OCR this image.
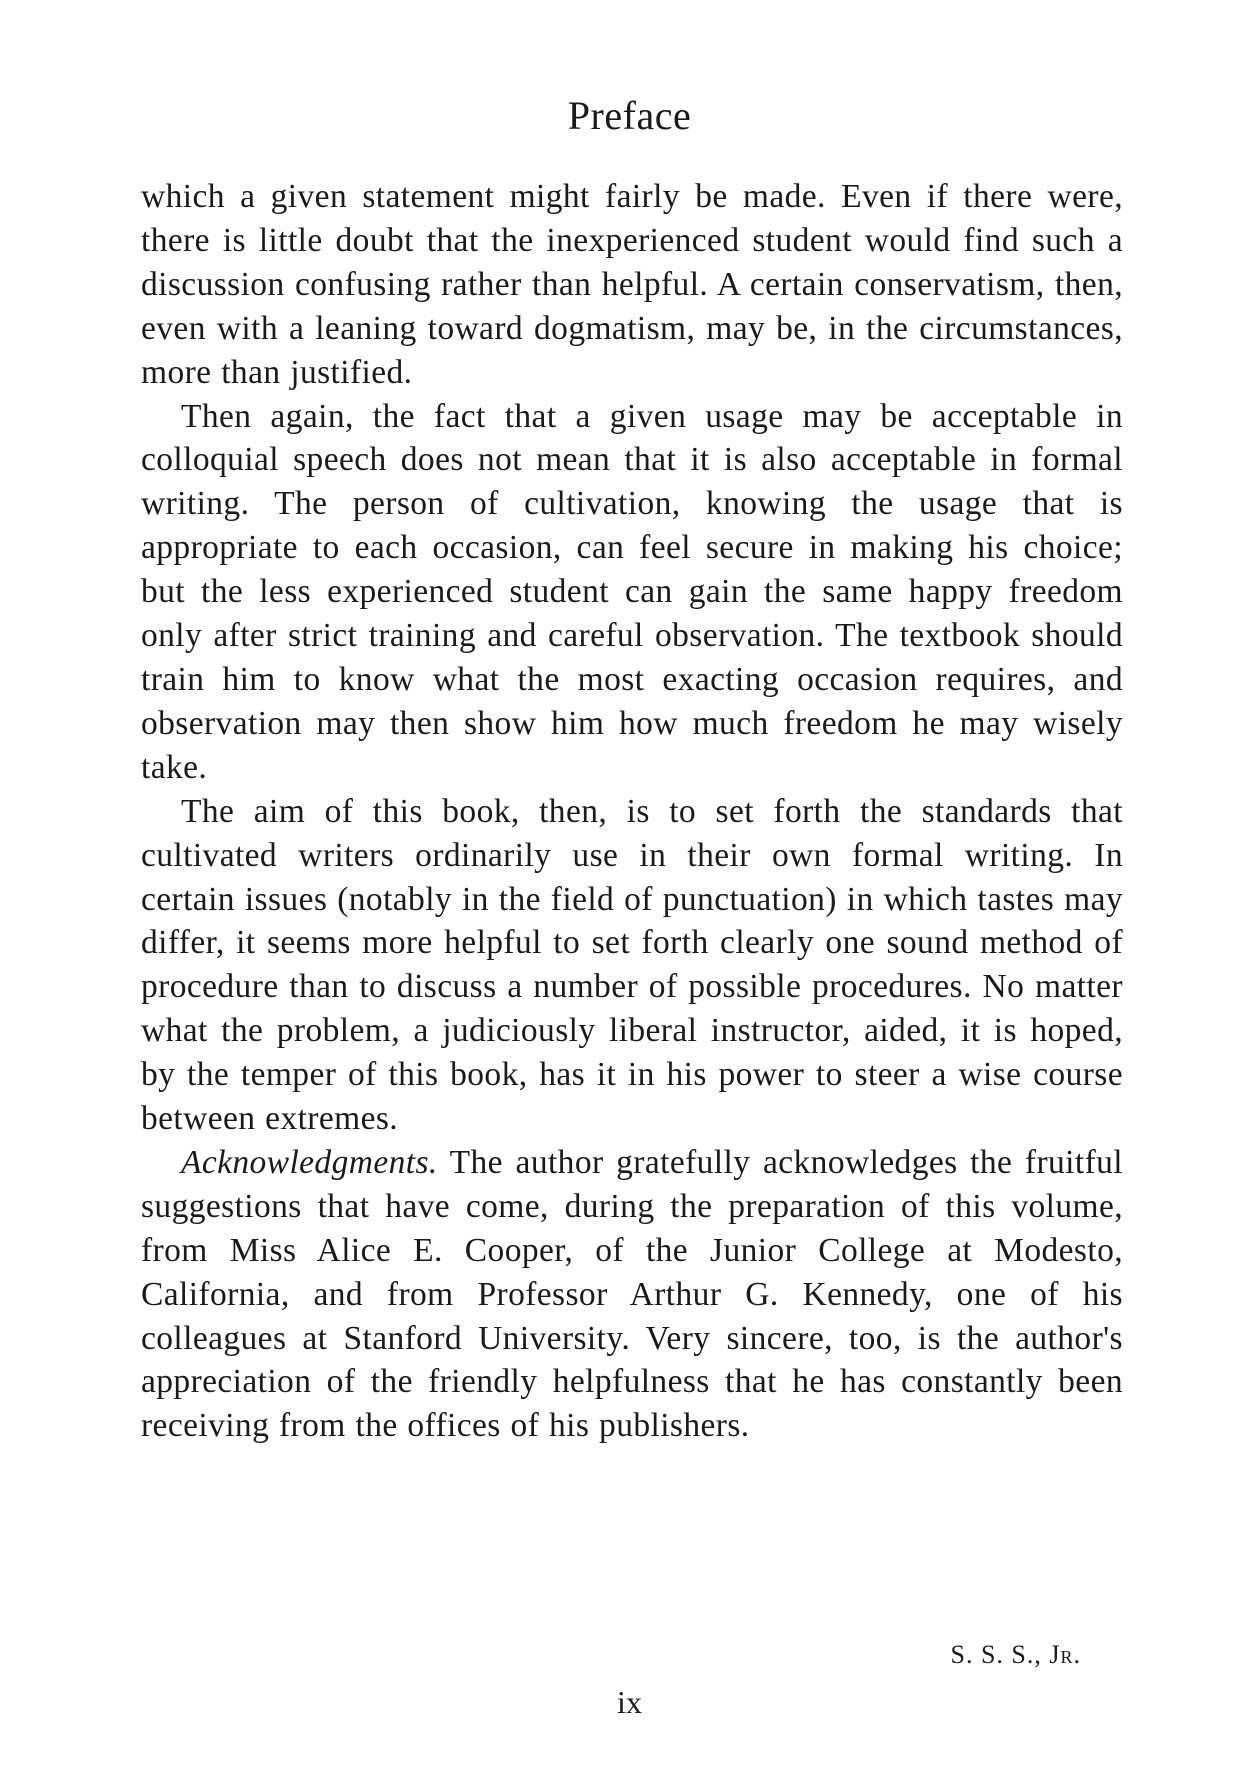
Preface

which a given statement might fairly be made. Even if there were, there is little doubt that the inexperienced student would find such a discussion confusing rather than helpful. A certain conservatism, then, even with a leaning toward dogmatism, may be, in the circumstances, more than justified.

Then again, the fact that a given usage may be acceptable in colloquial speech does not mean that it is also acceptable in formal writing. The person of cultivation, knowing the usage that is appropriate to each occasion, can feel secure in making his choice; but the less experienced student can gain the same happy freedom only after strict training and careful observation. The textbook should train him to know what the most exacting occasion requires, and observation may then show him how much freedom he may wisely take.

The aim of this book, then, is to set forth the standards that cultivated writers ordinarily use in their own formal writing. In certain issues (notably in the field of punctuation) in which tastes may differ, it seems more helpful to set forth clearly one sound method of procedure than to discuss a number of possible procedures. No matter what the problem, a judiciously liberal instructor, aided, it is hoped, by the temper of this book, has it in his power to steer a wise course between extremes.

Acknowledgments. The author gratefully acknowledges the fruitful suggestions that have come, during the preparation of this volume, from Miss Alice E. Cooper, of the Junior College at Modesto, California, and from Professor Arthur G. Kennedy, one of his colleagues at Stanford University. Very sincere, too, is the author's appreciation of the friendly helpfulness that he has constantly been receiving from the offices of his publishers.

S. S. S., Jr.
ix
